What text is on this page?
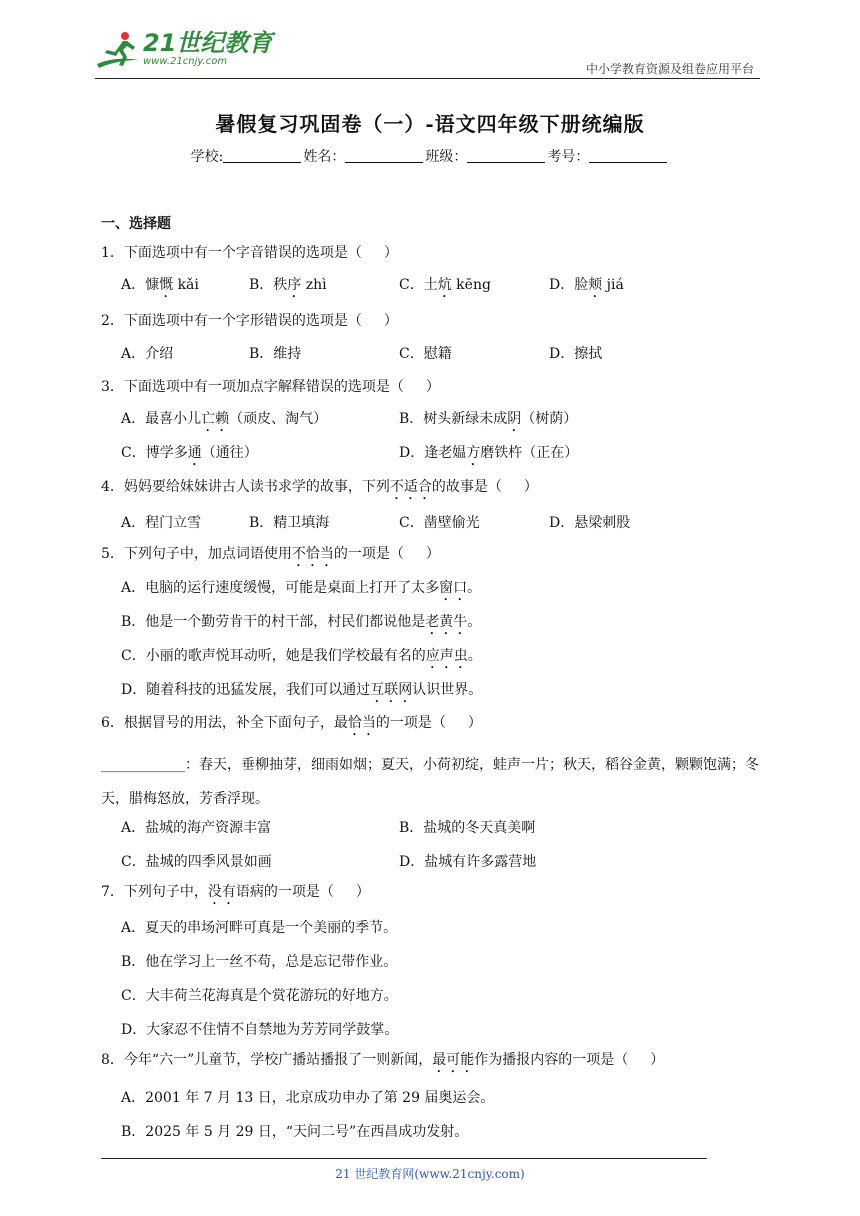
21世纪教育
www.21cnjy.com
中小学教育资源及组卷应用平台
暑假复习巩固卷（一）-语文四年级下册统编版
学校:	姓名：	班级：	考号：
一、选择题
1．下面选项中有一个字音错误的选项是（ ）
A．慷慨 kǎi	B．秩序 zhì	C．土炕 kēng	D．脸颊 jiá
2．下面选项中有一个字形错误的选项是（ ）
A．介绍	B．维持	C．慰籍	D．擦拭
3．下面选项中有一项加点字解释错误的选项是（ ）
A．最喜小儿亡赖（顽皮、淘气）	B．树头新绿未成阴（树荫）
C．博学多通（通往）	D．逢老媪方磨铁杵（正在）
4．妈妈要给妹妹讲古人读书求学的故事，下列不适合的故事是（ ）
A．程门立雪	B．精卫填海	C．凿壁偷光	D．悬梁刺股
5．下列句子中，加点词语使用不恰当的一项是（ ）
A．电脑的运行速度缓慢，可能是桌面上打开了太多窗口。
B．他是一个勤劳肯干的村干部，村民们都说他是老黄牛。
C．小丽的歌声悦耳动听，她是我们学校最有名的应声虫。
D．随着科技的迅猛发展，我们可以通过互联网认识世界。
6．根据冒号的用法，补全下面句子，最恰当的一项是（ ）
____________：春天，垂柳抽芽，细雨如烟；夏天，小荷初绽，蛙声一片；秋天，稻谷金黄，颗颗饱满；冬天，腊梅怒放，芳香浮现。
A．盐城的海产资源丰富	B．盐城的冬天真美啊
C．盐城的四季风景如画	D．盐城有许多露营地
7．下列句子中，没有语病的一项是（ ）
A．夏天的串场河畔可真是一个美丽的季节。
B．他在学习上一丝不苟，总是忘记带作业。
C．大丰荷兰花海真是个赏花游玩的好地方。
D．大家忍不住情不自禁地为芳芳同学鼓掌。
8．今年“六一”儿童节，学校广播站播报了一则新闻，最可能作为播报内容的一项是（ ）
A．2001 年 7 月 13 日，北京成功申办了第 29 届奥运会。
B．2025 年 5 月 29 日，“天问二号”在西昌成功发射。
21 世纪教育网(www.21cnjy.com)
